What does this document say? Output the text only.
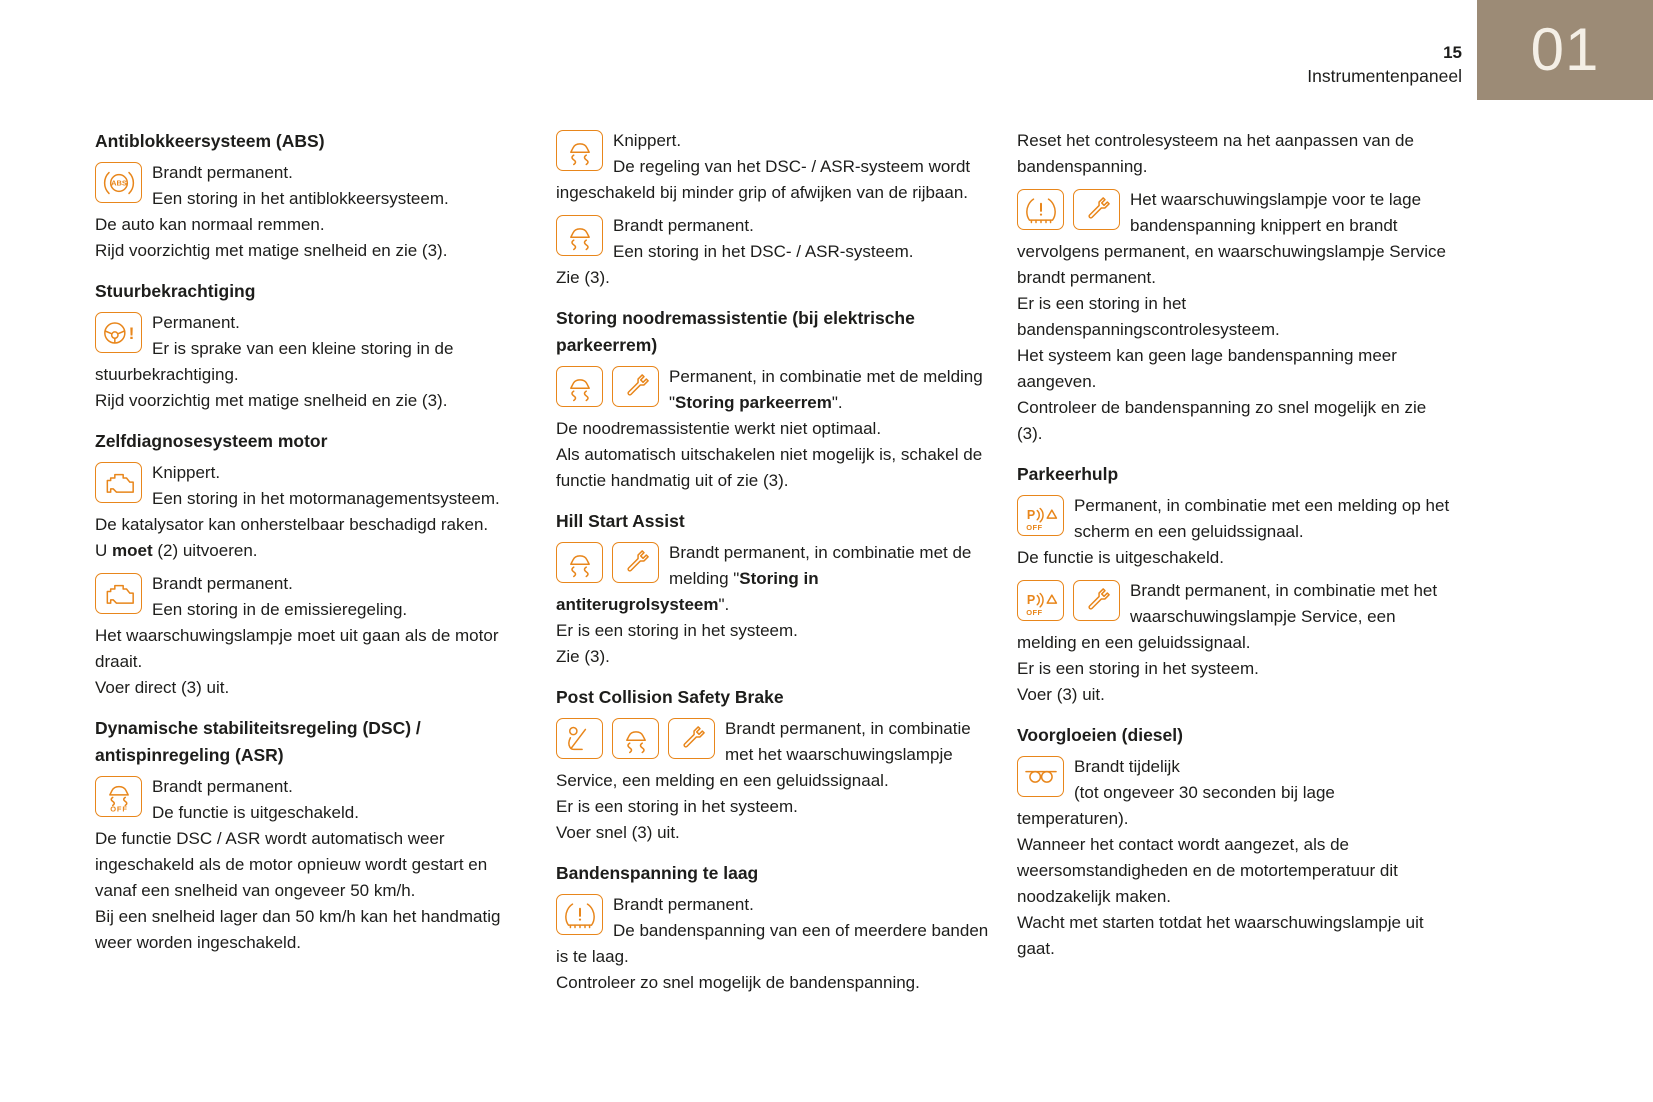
01
15
Instrumentenpaneel
Antiblokkeersysteem (ABS)

Brandt permanent.

Een storing in het antiblokkeersysteem.

De auto kan normaal remmen.

Rijd voorzichtig met matige snelheid en zie (3).

Stuurbekrachtiging

Permanent.

Er is sprake van een kleine storing in de stuurbekrachtiging.

Rijd voorzichtig met matige snelheid en zie (3).

Zelfdiagnosesysteem motor

Knippert.

Een storing in het motormanagementsysteem.

De katalysator kan onherstelbaar beschadigd raken.

U moet (2) uitvoeren.

Brandt permanent.

Een storing in de emissieregeling.

Het waarschuwingslampje moet uit gaan als de motor draait.

Voer direct (3) uit.

Dynamische stabiliteitsregeling (DSC) / antispinregeling (ASR)

Brandt permanent.

De functie is uitgeschakeld.

De functie DSC / ASR wordt automatisch weer ingeschakeld als de motor opnieuw wordt gestart en vanaf een snelheid van ongeveer 50 km/h.

Bij een snelheid lager dan 50 km/h kan het handmatig weer worden ingeschakeld.

Knippert.

De regeling van het DSC- / ASR-systeem wordt ingeschakeld bij minder grip of afwijken van de rijbaan.

Brandt permanent.

Een storing in het DSC- / ASR-systeem.

Zie (3).

Storing noodremassistentie (bij elektrische parkeerrem)

Permanent, in combinatie met de melding "Storing parkeerrem".

De noodremassistentie werkt niet optimaal.

Als automatisch uitschakelen niet mogelijk is, schakel de functie handmatig uit of zie (3).

Hill Start Assist

Brandt permanent, in combinatie met de melding "Storing in antiterugrolsysteem".

Er is een storing in het systeem.

Zie (3).

Post Collision Safety Brake

Brandt permanent, in combinatie met het waarschuwingslampje Service, een melding en een geluidssignaal.

Er is een storing in het systeem.

Voer snel (3) uit.

Bandenspanning te laag

Brandt permanent.

De bandenspanning van een of meerdere banden is te laag.

Controleer zo snel mogelijk de bandenspanning.

Reset het controlesysteem na het aanpassen van de bandenspanning.

Het waarschuwingslampje voor te lage bandenspanning knippert en brandt vervolgens permanent, en waarschuwingslampje Service brandt permanent.

Er is een storing in het bandenspanningscontrolesysteem.

Het systeem kan geen lage bandenspanning meer aangeven.

Controleer de bandenspanning zo snel mogelijk en zie (3).

Parkeerhulp

Permanent, in combinatie met een melding op het scherm en een geluidssignaal.

De functie is uitgeschakeld.

Brandt permanent, in combinatie met het waarschuwingslampje Service, een melding en een geluidssignaal.

Er is een storing in het systeem.

Voer (3) uit.

Voorgloeien (diesel)

Brandt tijdelijk

(tot ongeveer 30 seconden bij lage temperaturen).

Wanneer het contact wordt aangezet, als de weersomstandigheden en de motortemperatuur dit noodzakelijk maken.

Wacht met starten totdat het waarschuwingslampje uit gaat.
